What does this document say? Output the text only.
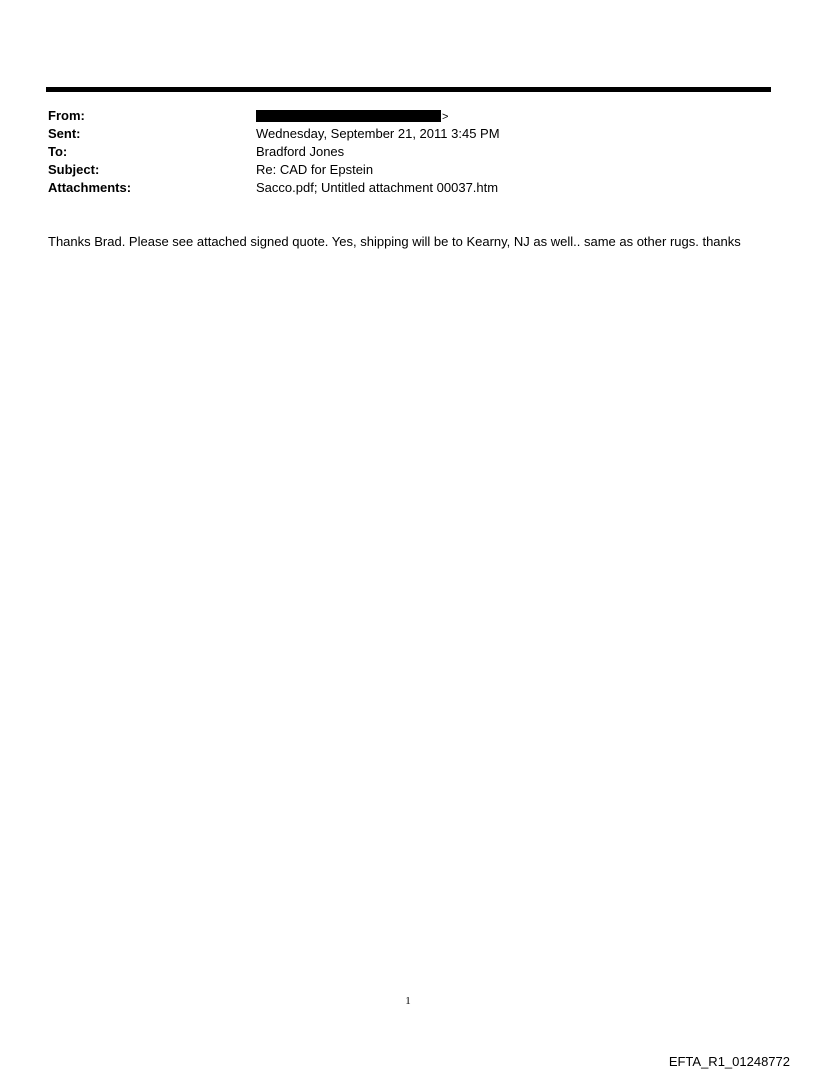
From:	>
Sent:	Wednesday, September 21, 2011 3:45 PM
To:	Bradford Jones
Subject:	Re: CAD for Epstein
Attachments:	Sacco.pdf; Untitled attachment 00037.htm
Thanks Brad. Please see attached signed quote. Yes, shipping will be to Kearny, NJ as well.. same as other rugs. thanks
1
EFTA_R1_01248772
